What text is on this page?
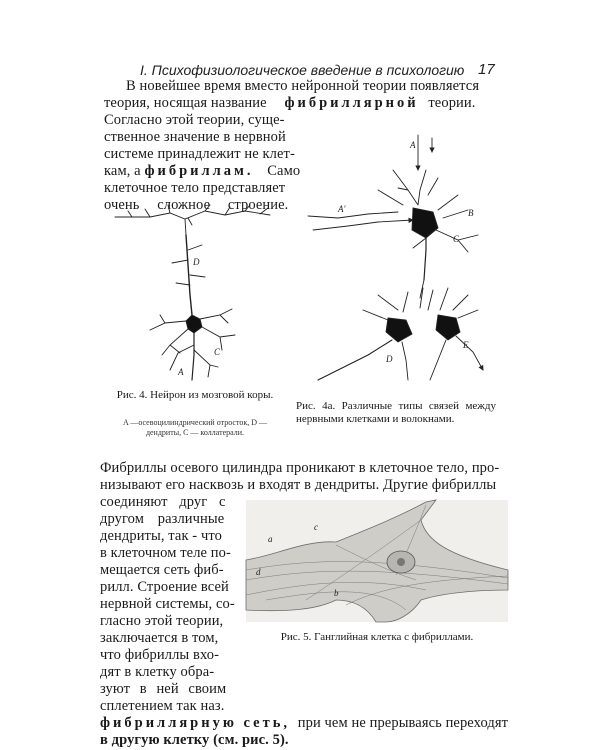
I. Психофизиологическое введение в психологию 17
В новейшее время вместо нейронной теории появляется
теория, носящая название фибриллярной теории.
Согласно этой теории, суще-
ственное значение в нервной
системе принадлежит не клет-
кам, а фибриллам. Само
клеточное тело представляет
очень сложное строение.
D
C
A
Рис. 4. Нейрон из мозговой коры.
A —осевоцилиндрический отросток, D — дендриты, C — коллатерали.
A
A'	B
C
D
E
Рис. 4а. Различные типы связей между нервными клетками и волокнами.
Фибриллы осевого цилиндра проникают в клеточное тело, про-
низывают его насквозь и входят в дендриты. Другие фибриллы
соединяют друг с
другом различные
дендриты, так - что
в клеточном теле по-
мещается сеть фиб-
рилл. Строение всей
нервной системы, со-
гласно этой теории,
заключается в том,
что фибриллы вхо-
дят в клетку обра-
зуют в ней своим
сплетением так наз.
фибриллярную сеть, при чем не прерываясь переходят
в другую клетку (см. рис. 5).
a
b
c
d
Рис. 5. Ганглийная клетка с фибриллами.
